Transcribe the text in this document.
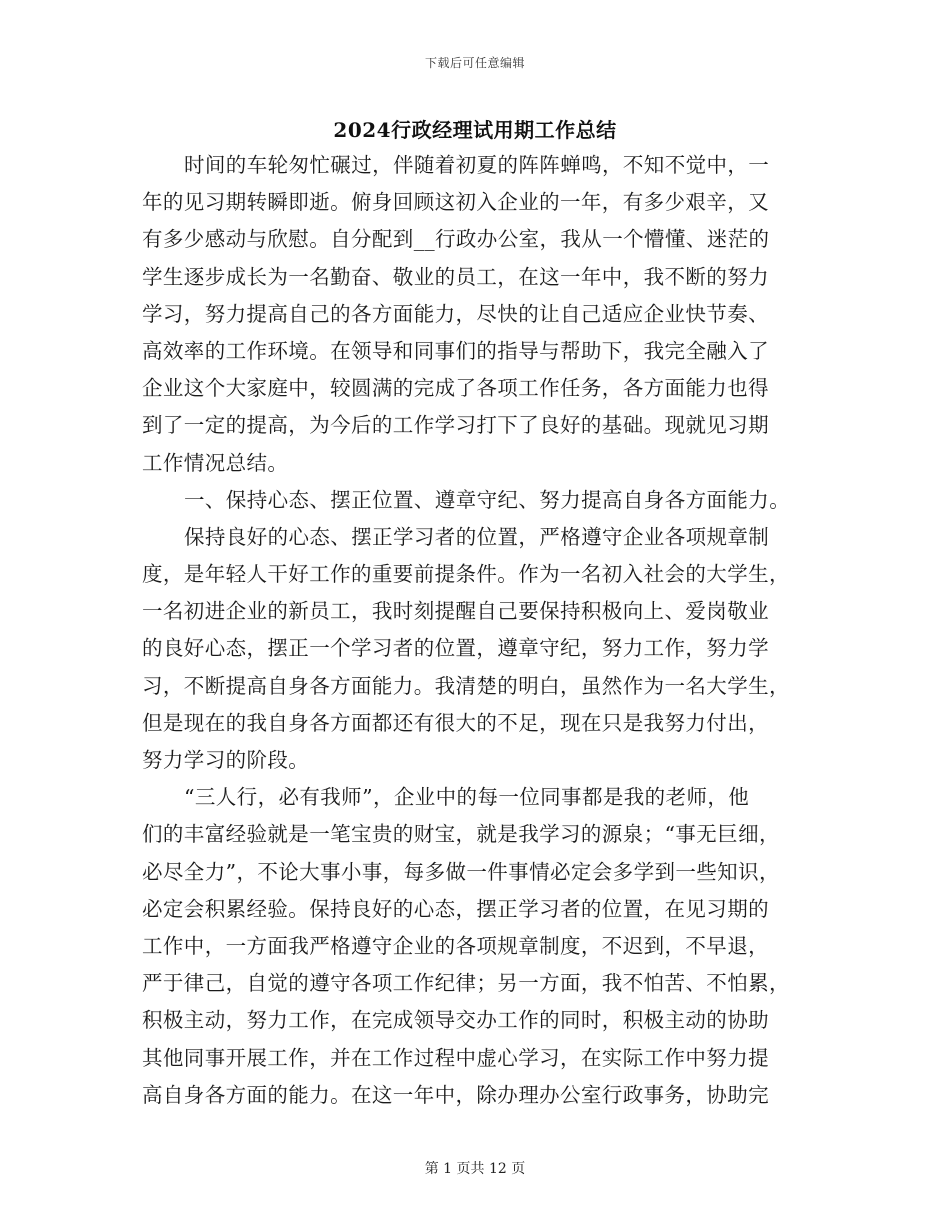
下载后可任意编辑
2024行政经理试用期工作总结
时间的车轮匆忙碾过，伴随着初夏的阵阵蝉鸣，不知不觉中，一
年的见习期转瞬即逝。俯身回顾这初入企业的一年，有多少艰辛，又
有多少感动与欣慰。自分配到__行政办公室，我从一个懵懂、迷茫的
学生逐步成长为一名勤奋、敬业的员工，在这一年中，我不断的努力
学习，努力提高自己的各方面能力，尽快的让自己适应企业快节奏、
高效率的工作环境。在领导和同事们的指导与帮助下，我完全融入了
企业这个大家庭中，较圆满的完成了各项工作任务，各方面能力也得
到了一定的提高，为今后的工作学习打下了良好的基础。现就见习期
工作情况总结。
一、保持心态、摆正位置、遵章守纪、努力提高自身各方面能力。
保持良好的心态、摆正学习者的位置，严格遵守企业各项规章制
度，是年轻人干好工作的重要前提条件。作为一名初入社会的大学生，
一名初进企业的新员工，我时刻提醒自己要保持积极向上、爱岗敬业
的良好心态，摆正一个学习者的位置，遵章守纪，努力工作，努力学
习，不断提高自身各方面能力。我清楚的明白，虽然作为一名大学生，
但是现在的我自身各方面都还有很大的不足，现在只是我努力付出，
努力学习的阶段。
“三人行，必有我师”，企业中的每一位同事都是我的老师，他
们的丰富经验就是一笔宝贵的财宝，就是我学习的源泉；“事无巨细，
必尽全力”，不论大事小事，每多做一件事情必定会多学到一些知识，
必定会积累经验。保持良好的心态，摆正学习者的位置，在见习期的
工作中，一方面我严格遵守企业的各项规章制度，不迟到，不早退，
严于律己，自觉的遵守各项工作纪律；另一方面，我不怕苦、不怕累，
积极主动，努力工作，在完成领导交办工作的同时，积极主动的协助
其他同事开展工作，并在工作过程中虚心学习，在实际工作中努力提
高自身各方面的能力。在这一年中，除办理办公室行政事务，协助完
第 1 页共 12 页
